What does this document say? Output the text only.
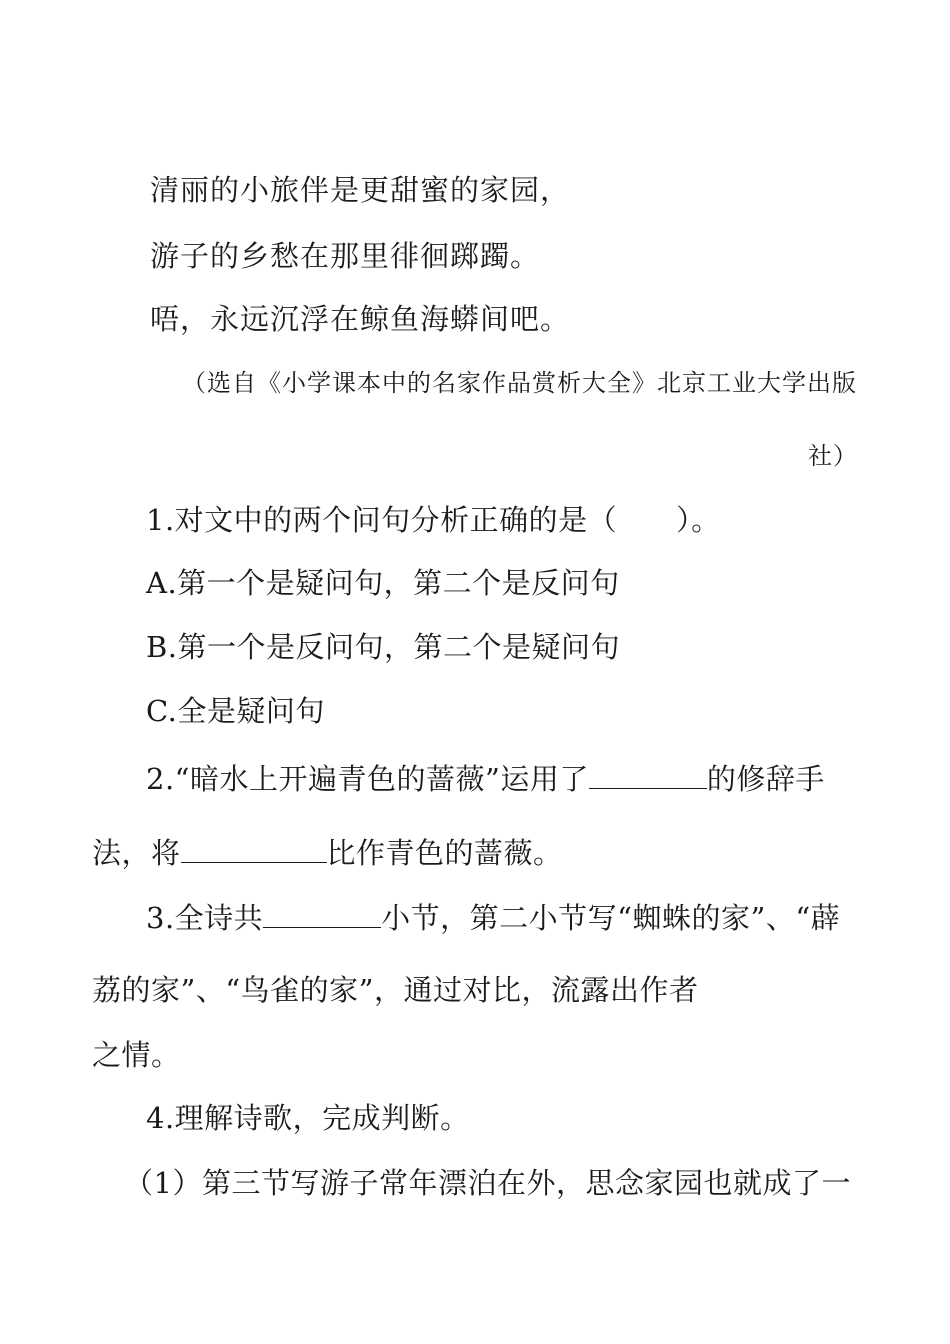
清丽的小旅伴是更甜蜜的家园，
游子的乡愁在那里徘徊踯躅。
唔，永远沉浮在鲸鱼海蟒间吧。
（选自《小学课本中的名家作品赏析大全》北京工业大学出版
社）
1.对文中的两个问句分析正确的是（　　）。
A.第一个是疑问句，第二个是反问句
B.第一个是反问句，第二个是疑问句
C.全是疑问句
2.“暗水上开遍青色的蔷薇”运用了	的修辞手
法，将	比作青色的蔷薇。
3.全诗共	小节，第二小节写“蜘蛛的家”、“薜
荔的家”、“鸟雀的家”，通过对比，流露出作者
之情。
4.理解诗歌，完成判断。
（1）第三节写游子常年漂泊在外，思念家园也就成了一
